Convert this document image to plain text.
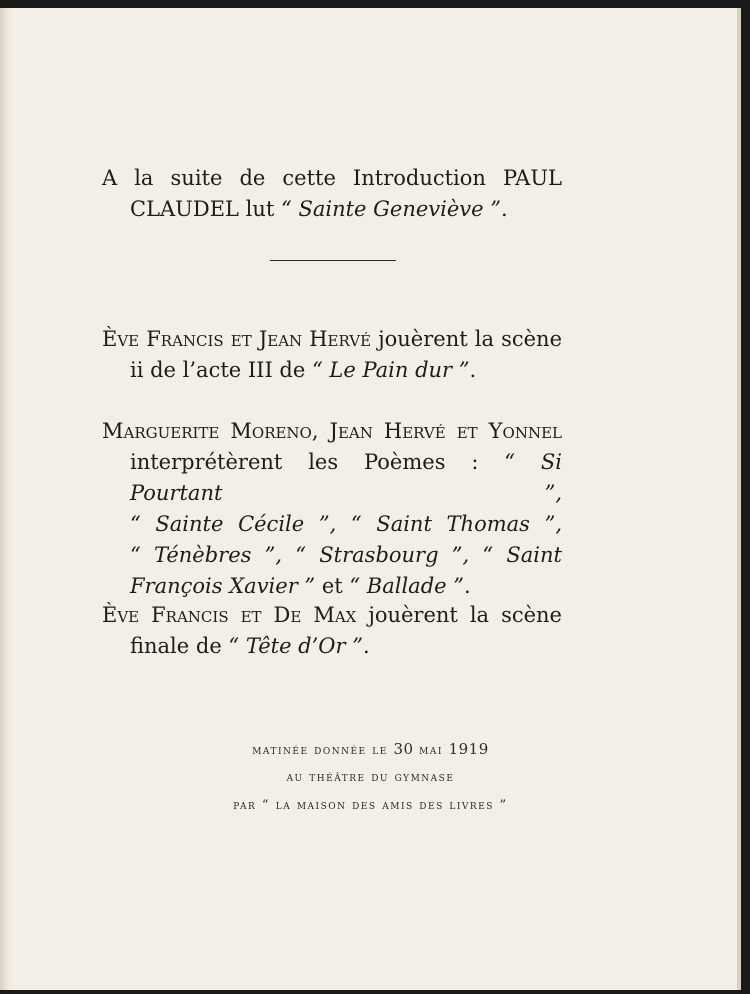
A la suite de cette Introduction PAUL
CLAUDEL lut “ Sainte Geneviève ”.
Ève Francis et Jean Hervé jouèrent la scène
ii de l’acte III de “ Le Pain dur ”.
Marguerite Moreno, Jean Hervé et Yonnel
interprétèrent les Poèmes : “ Si Pourtant ”,
“ Sainte Cécile ”, “ Saint Thomas ”,
“ Ténèbres ”, “ Strasbourg ”, “ Saint
François Xavier ” et “ Ballade ”.
Ève Francis et De Max jouèrent la scène
finale de “ Tête d’Or ”.
matinée donnée le 30 mai 1919
au théâtre du gymnase
par “ la maison des amis des livres ”
